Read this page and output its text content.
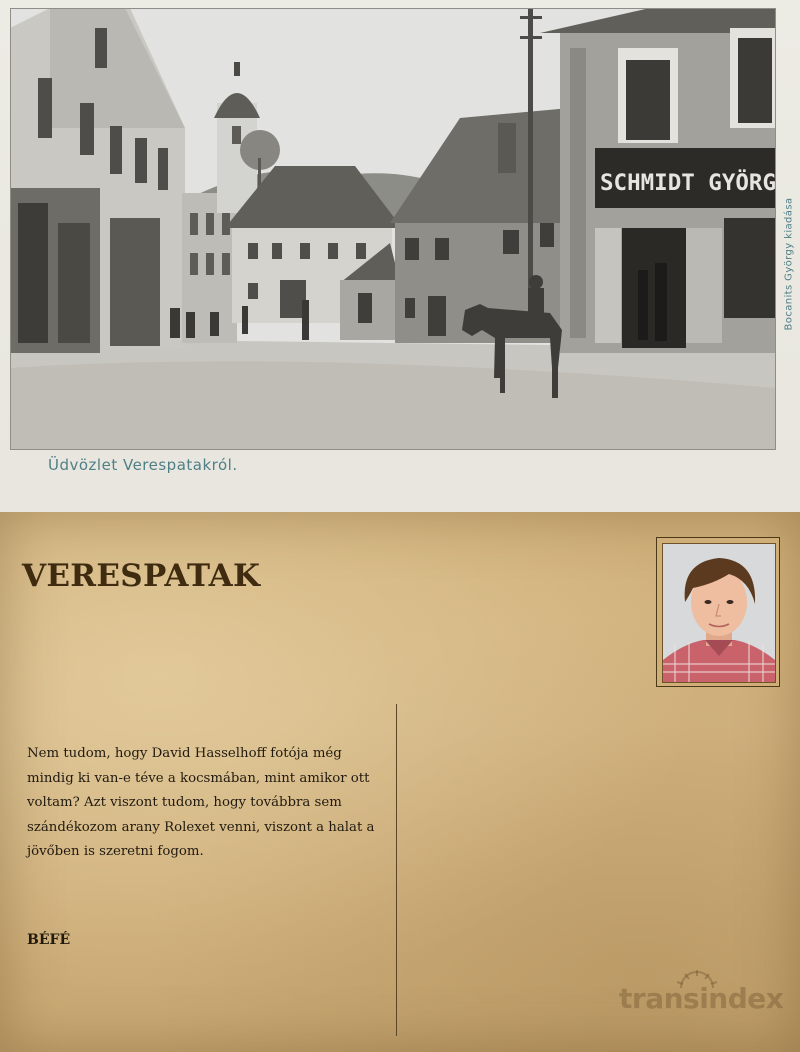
SCHMIDT GYÖRG

Üdvözlet Verespatakról.

Bocanits György kiadása
VERESPATAK

Nem tudom, hogy David Hasselhoff fotója még mindig ki van-e téve a kocsmában, mint amikor ott voltam? Azt viszont tudom, hogy továbbra sem szándékozom arany Rolexet venni, viszont a halat a jövőben is szeretni fogom.

BÉFÉ

transindex
